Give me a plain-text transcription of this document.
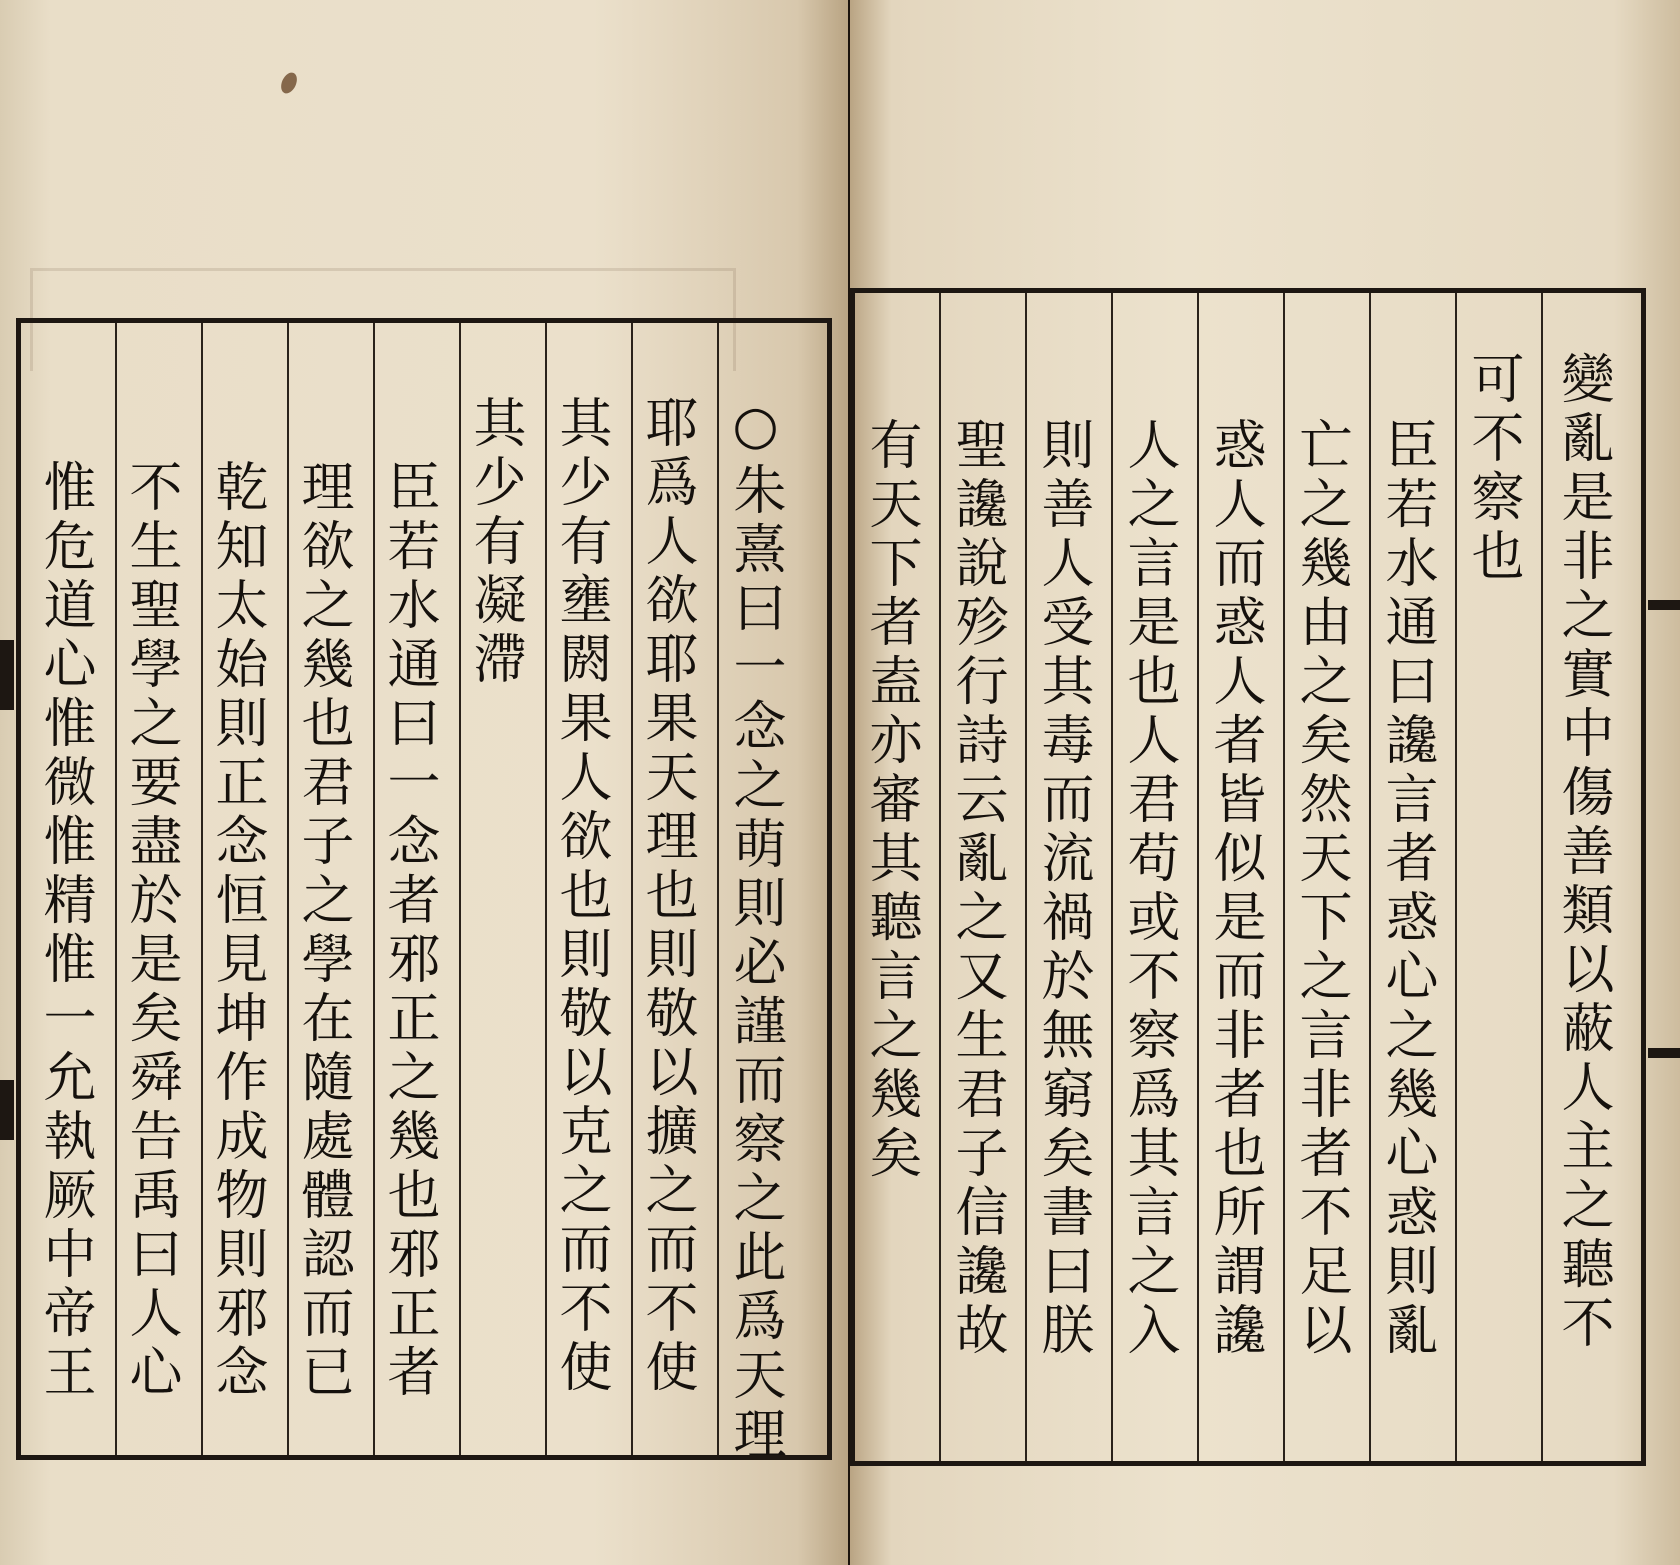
○朱熹曰一念之萌則必謹而察之此爲天理
耶爲人欲耶果天理也則敬以擴之而不使
其少有壅閼果人欲也則敬以克之而不使
其少有凝滯
臣若水通曰一念者邪正之幾也邪正者
理欲之幾也君子之學在隨處體認而已
乾知太始則正念恒見坤作成物則邪念
不生聖學之要盡於是矣舜告禹曰人心
惟危道心惟微惟精惟一允執厥中帝王	變亂是非之實中傷善類以蔽人主之聽不
可不察也
臣若水通曰讒言者惑心之幾心惑則亂
亡之幾由之矣然天下之言非者不足以
惑人而惑人者皆似是而非者也所謂讒
人之言是也人君苟或不察爲其言之入
則善人受其毒而流禍於無窮矣書曰朕
聖讒說殄行詩云亂之又生君子信讒故
有天下者盍亦審其聽言之幾矣
